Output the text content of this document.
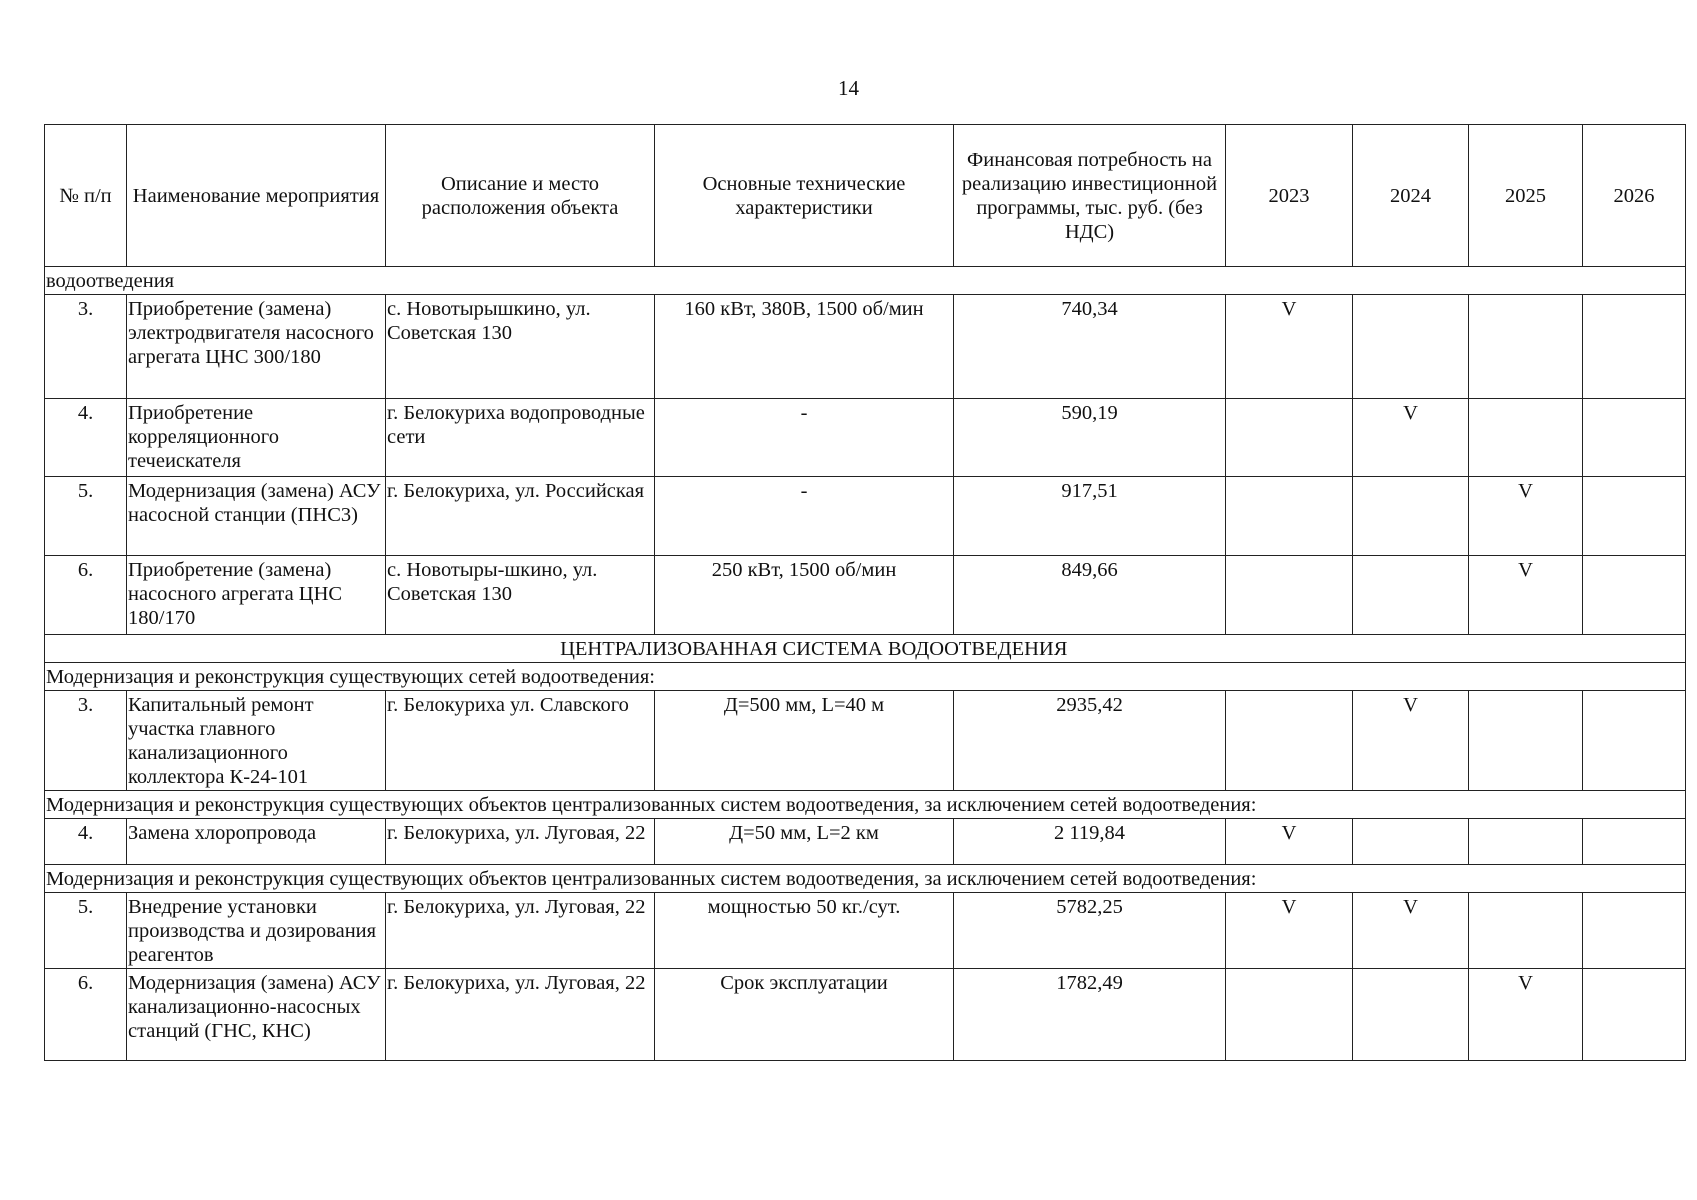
14
№ п/п	Наименование мероприятия	Описание и место расположения объекта	Основные технические характеристики	Финансовая потребность на реализацию инвестиционной программы, тыс. руб. (без НДС)	2023	2024	2025	2026
водоотведения								
3.	Приобретение (замена) электродвигателя насосного агрегата ЦНС 300/180	с. Новотырышкино, ул. Советская 130	160 кВт, 380В, 1500 об/мин	740,34	V			
4.	Приобретение корреляционного течеискателя	г. Белокуриха водопроводные сети	-	590,19		V		
5.	Модернизация (замена) АСУ насосной станции (ПНС3)	г. Белокуриха, ул. Российская	-	917,51			V	
6.	Приобретение (замена) насосного агрегата ЦНС 180/170	с. Новотыры-шкино, ул. Советская 130	250 кВт, 1500 об/мин	849,66			V	
ЦЕНТРАЛИЗОВАННАЯ СИСТЕМА ВОДООТВЕДЕНИЯ								
Модернизация и реконструкция существующих сетей водоотведения:								
3.	Капитальный ремонт участка главного канализационного коллектора К-24-101	г. Белокуриха ул. Славского	Д=500 мм, L=40 м	2935,42		V		
Модернизация и реконструкция существующих объектов централизованных систем водоотведения, за исключением сетей водоотведения:								
4.	Замена хлоропровода	г. Белокуриха, ул. Луговая, 22	Д=50 мм, L=2 км	2 119,84	V			
Модернизация и реконструкция существующих объектов централизованных систем водоотведения, за исключением сетей водоотведения:								
5.	Внедрение установки производства и дозирования реагентов	г. Белокуриха, ул. Луговая, 22	мощностью 50 кг./сут.	5782,25	V	V		
6.	Модернизация (замена) АСУ канализационно-насосных станций (ГНС, КНС)	г. Белокуриха, ул. Луговая, 22	Срок эксплуатации	1782,49			V	
